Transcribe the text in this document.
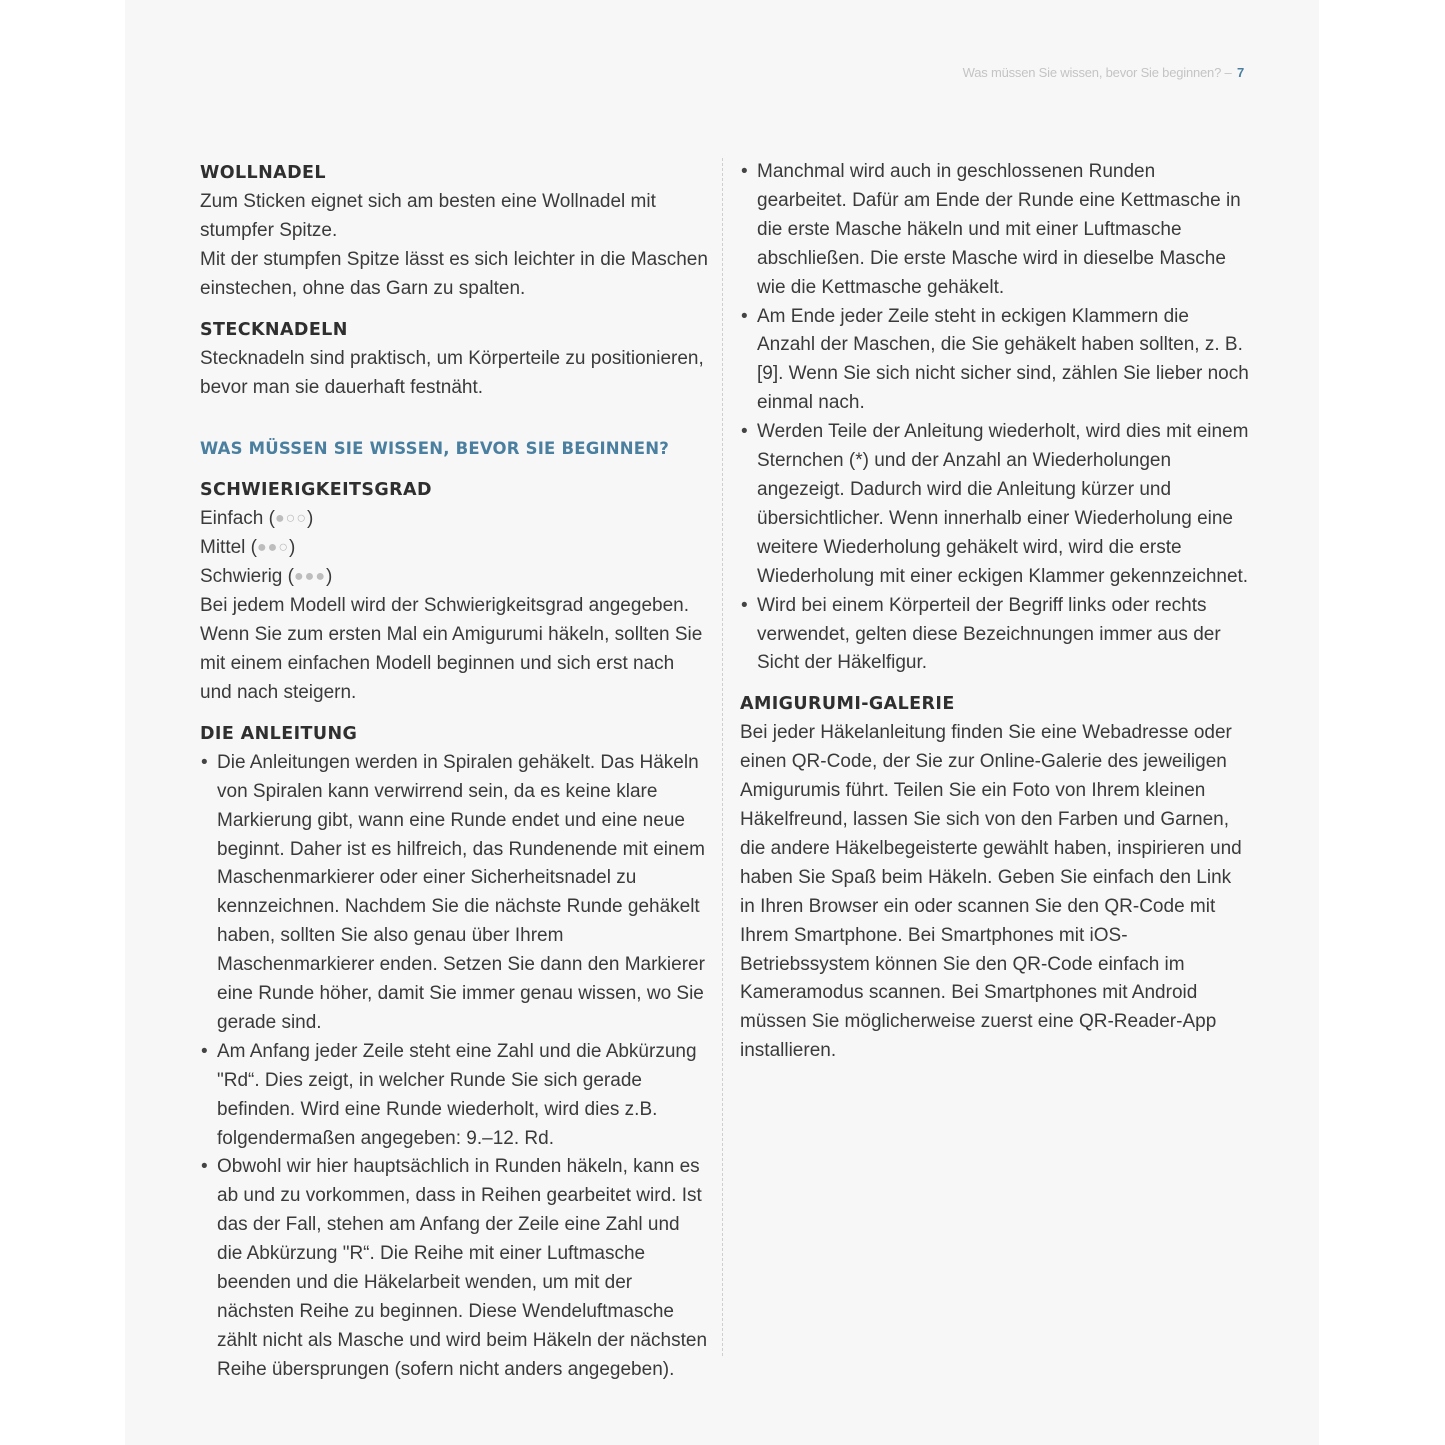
Was müssen Sie wissen, bevor Sie beginnen? – 7
WOLLNADEL

Zum Sticken eignet sich am besten eine Wollnadel mit stumpfer Spitze.

Mit der stumpfen Spitze lässt es sich leichter in die Maschen einstechen, ohne das Garn zu spalten.

STECKNADELN

Stecknadeln sind praktisch, um Körperteile zu positionieren, bevor man sie dauerhaft festnäht.

WAS MÜSSEN SIE WISSEN, BEVOR SIE BEGINNEN?
SCHWIERIGKEITSGRAD
Einfach (●○○)
Mittel (●●○)
Schwierig (●●●)

Bei jedem Modell wird der Schwierigkeitsgrad angegeben. Wenn Sie zum ersten Mal ein Amigurumi häkeln, sollten Sie mit einem einfachen Modell beginnen und sich erst nach und nach steigern.

DIE ANLEITUNG
• Die Anleitungen werden in Spiralen gehäkelt. Das Häkeln von Spiralen kann verwirrend sein, da es keine klare Markierung gibt, wann eine Runde endet und eine neue beginnt. Daher ist es hilfreich, das Rundenende mit einem Maschenmarkierer oder einer Sicherheitsnadel zu kennzeichnen. Nachdem Sie die nächste Runde gehäkelt haben, sollten Sie also genau über Ihrem Maschenmarkierer enden. Setzen Sie dann den Markierer eine Runde höher, damit Sie immer genau wissen, wo Sie gerade sind.
• Am Anfang jeder Zeile steht eine Zahl und die Abkürzung "Rd“. Dies zeigt, in welcher Runde Sie sich gerade befinden. Wird eine Runde wiederholt, wird dies z.B. folgendermaßen angegeben: 9.–12. Rd.
• Obwohl wir hier hauptsächlich in Runden häkeln, kann es ab und zu vorkommen, dass in Reihen gearbeitet wird. Ist das der Fall, stehen am Anfang der Zeile eine Zahl und die Abkürzung "R“. Die Reihe mit einer Luftmasche beenden und die Häkelarbeit wenden, um mit der nächsten Reihe zu beginnen. Diese Wendeluftmasche zählt nicht als Masche und wird beim Häkeln der nächsten Reihe übersprungen (sofern nicht anders angegeben).
• Manchmal wird auch in geschlossenen Runden gearbeitet. Dafür am Ende der Runde eine Kettmasche in die erste Masche häkeln und mit einer Luftmasche abschließen. Die erste Masche wird in dieselbe Masche wie die Kettmasche gehäkelt.
• Am Ende jeder Zeile steht in eckigen Klammern die Anzahl der Maschen, die Sie gehäkelt haben sollten, z. B. [9]. Wenn Sie sich nicht sicher sind, zählen Sie lieber noch einmal nach.
• Werden Teile der Anleitung wiederholt, wird dies mit einem Sternchen (*) und der Anzahl an Wiederholungen angezeigt. Dadurch wird die Anleitung kürzer und übersichtlicher. Wenn innerhalb einer Wiederholung eine weitere Wiederholung gehäkelt wird, wird die erste Wiederholung mit einer eckigen Klammer gekennzeichnet.
• Wird bei einem Körperteil der Begriff links oder rechts verwendet, gelten diese Bezeichnungen immer aus der Sicht der Häkelfigur.
AMIGURUMI-GALERIE

Bei jeder Häkelanleitung finden Sie eine Webadresse oder einen QR-Code, der Sie zur Online-Galerie des jeweiligen Amigurumis führt. Teilen Sie ein Foto von Ihrem kleinen Häkelfreund, lassen Sie sich von den Farben und Garnen, die andere Häkelbegeisterte gewählt haben, inspirieren und haben Sie Spaß beim Häkeln. Geben Sie einfach den Link in Ihren Browser ein oder scannen Sie den QR-Code mit Ihrem Smartphone. Bei Smartphones mit iOS-Betriebssystem können Sie den QR-Code einfach im Kameramodus scannen. Bei Smartphones mit Android müssen Sie möglicherweise zuerst eine QR-Reader-App installieren.
